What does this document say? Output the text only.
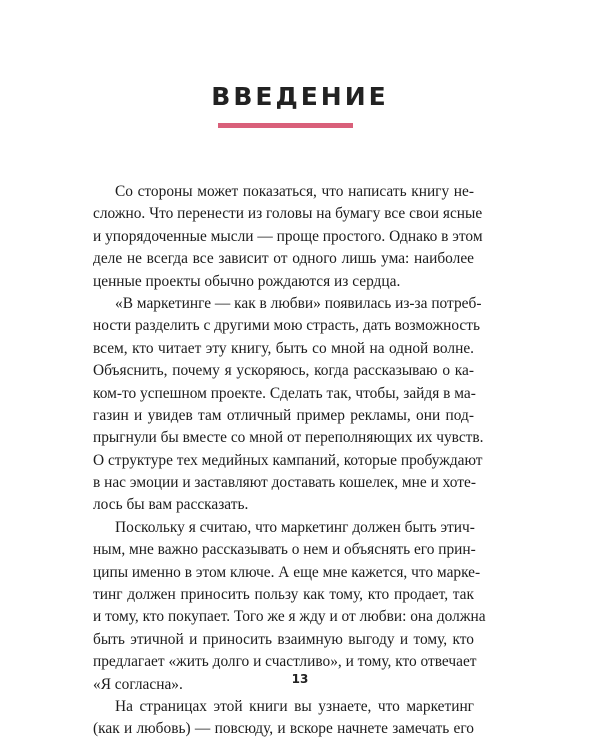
ВВЕДЕНИЕ
Со стороны может показаться, что написать книгу не-
сложно. Что перенести из головы на бумагу все свои ясные
и упорядоченные мысли — проще простого. Однако в этом
деле не всегда все зависит от одного лишь ума: наиболее
ценные проекты обычно рождаются из сердца.
«В маркетинге — как в любви» появилась из-за потреб-
ности разделить с другими мою страсть, дать возможность
всем, кто читает эту книгу, быть со мной на одной волне.
Объяснить, почему я ускоряюсь, когда рассказываю о ка-
ком-то успешном проекте. Сделать так, чтобы, зайдя в ма-
газин и увидев там отличный пример рекламы, они под-
прыгнули бы вместе со мной от переполняющих их чувств.
О структуре тех медийных кампаний, которые пробуждают
в нас эмоции и заставляют доставать кошелек, мне и хоте-
лось бы вам рассказать.
Поскольку я считаю, что маркетинг должен быть этич-
ным, мне важно рассказывать о нем и объяснять его прин-
ципы именно в этом ключе. А еще мне кажется, что марке-
тинг должен приносить пользу как тому, кто продает, так
и тому, кто покупает. Того же я жду и от любви: она должна
быть этичной и приносить взаимную выгоду и тому, кто
предлагает «жить долго и счастливо», и тому, кто отвечает
«Я согласна».
На страницах этой книги вы узнаете, что маркетинг
(как и любовь) — повсюду, и вскоре начнете замечать его
13
